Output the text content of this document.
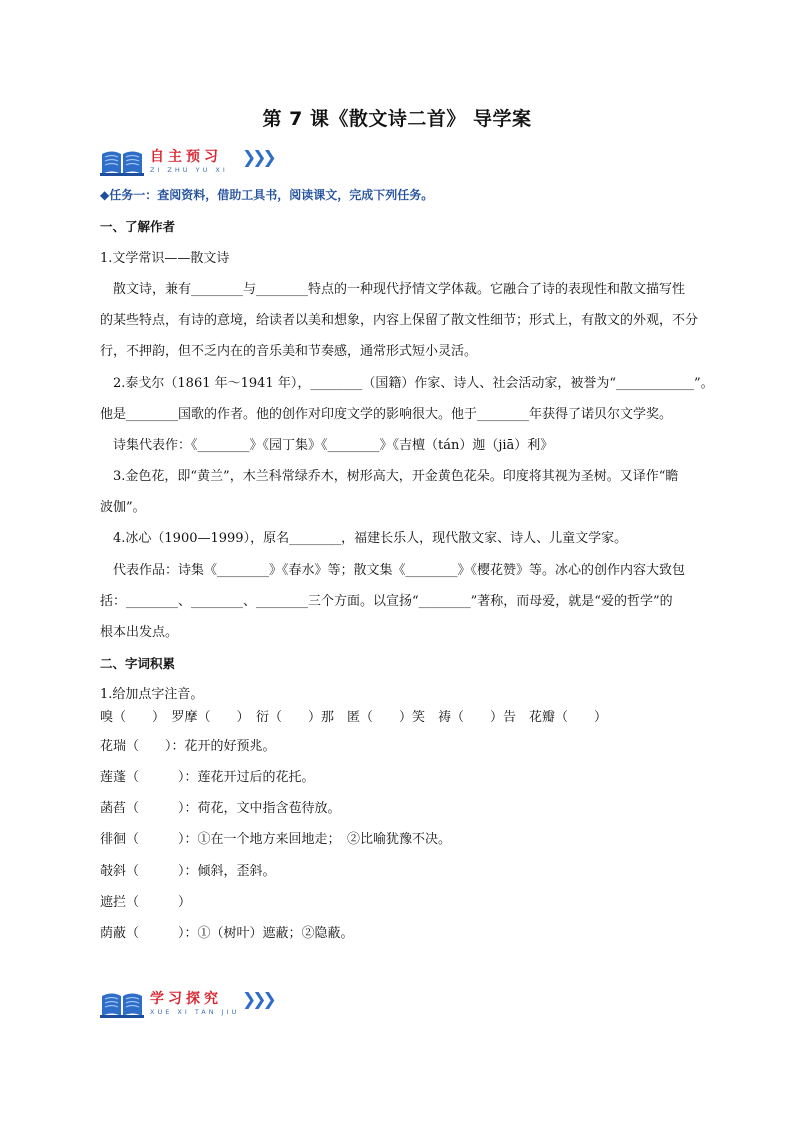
第 7 课《散文诗二首》 导学案
自主预习
ZI ZHU YU XI
❯❯❯
◆任务一：查阅资料，借助工具书，阅读课文，完成下列任务。
一、了解作者
1.文学常识——散文诗
散文诗，兼有________与________特点的一种现代抒情文学体裁。它融合了诗的表现性和散文描写性
的某些特点，有诗的意境，给读者以美和想象，内容上保留了散文性细节；形式上，有散文的外观，不分
行，不押韵，但不乏内在的音乐美和节奏感，通常形式短小灵活。
2.泰戈尔（1861 年～1941 年），________（国籍）作家、诗人、社会活动家，被誉为“____________”。
他是________国歌的作者。他的创作对印度文学的影响很大。他于________年获得了诺贝尔文学奖。
诗集代表作：《________》《园丁集》《________》《吉檀（tán）迦（jiā）利》
3.金色花，即“黄兰”，木兰科常绿乔木，树形高大，开金黄色花朵。印度将其视为圣树。又译作“瞻
波伽”。
4.冰心（1900—1999），原名________，福建长乐人，现代散文家、诗人、儿童文学家。
代表作品：诗集《________》《春水》等；散文集《________》《樱花赞》等。冰心的创作内容大致包
括：________、________、________三个方面。以宣扬“________”著称，而母爱，就是“爱的哲学”的
根本出发点。
二、字词积累
1.给加点字注音。
嗅（　　）　罗摩（　　）　衍（　　）那　匿（　　）笑　祷（　　）告　花瓣（　　）
花瑞（　　）：花开的好预兆。
莲蓬（　　　）：莲花开过后的花托。
菡萏（　　　）：荷花，文中指含苞待放。
徘徊（　　　）：①在一个地方来回地走；　②比喻犹豫不决。
攲斜（　　　）：倾斜，歪斜。
遮拦（　　　）
荫蔽（　　　）：①（树叶）遮蔽；②隐蔽。
学习探究
XUE XI TAN JIU
❯❯❯
